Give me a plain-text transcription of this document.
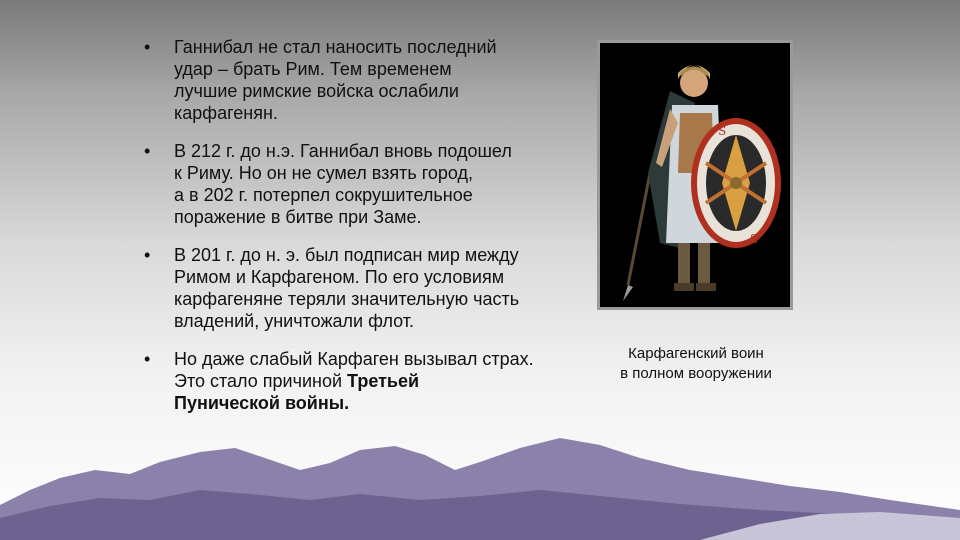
• Ганнибал не стал наносить последний
удар – брать Рим. Тем временем
лучшие римские войска ослабили
карфагенян.
• В 212 г. до н.э. Ганнибал вновь подошел
к Риму. Но он не сумел взять город,
а в 202 г. потерпел сокрушительное
поражение в битве при Заме.
• В 201 г. до н. э. был подписан мир между
Римом и Карфагеном. По его условиям
карфагеняне теряли значительную часть
владений, уничтожали флот.
• Но даже слабый Карфаген вызывал страх.
Это стало причиной Третьей
Пунической войны.
S
S
Карфагенский воин
в полном вооружении
